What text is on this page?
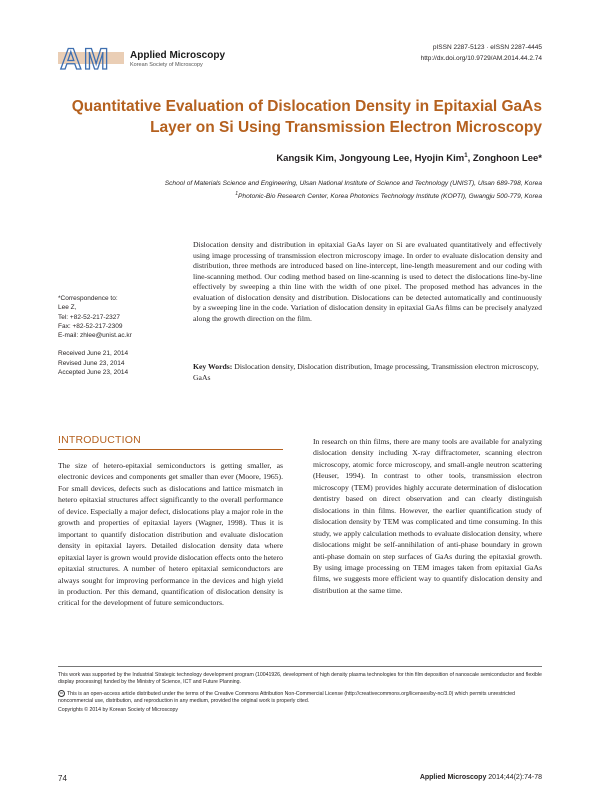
AM Applied Microscopy
Korean Society of Microscopy
pISSN 2287-5123 · eISSN 2287-4445
http://dx.doi.org/10.9729/AM.2014.44.2.74
Quantitative Evaluation of Dislocation Density in Epitaxial GaAs Layer on Si Using Transmission Electron Microscopy
Kangsik Kim, Jongyoung Lee, Hyojin Kim$^1$, Zonghoon Lee*
School of Materials Science and Engineering, Ulsan National Institute of Science and Technology (UNIST), Ulsan 689-798, Korea
$^1$Photonic-Bio Research Center, Korea Photonics Technology Institute (KOPTI), Gwangju 500-779, Korea
Dislocation density and distribution in epitaxial GaAs layer on Si are evaluated quantitatively and effectively using image processing of transmission electron microscopy image. In order to evaluate dislocation density and distribution, three methods are introduced based on line-intercept, line-length measurement and our coding with line-scanning method. Our coding method based on line-scanning is used to detect the dislocations line-by-line effectively by sweeping a thin line with the width of one pixel. The proposed method has advances in the evaluation of dislocation density and distribution. Dislocations can be detected automatically and continuously by a sweeping line in the code. Variation of dislocation density in epitaxial GaAs films can be precisely analyzed along the growth direction on the film.
Key Words: Dislocation density, Dislocation distribution, Image processing, Transmission electron microscopy, GaAs
*Correspondence to:
Lee Z,
Tel: +82-52-217-2327
Fax: +82-52-217-2309
E-mail: zhlee@unist.ac.kr
Received June 21, 2014
Revised June 23, 2014
Accepted June 23, 2014
INTRODUCTION
The size of hetero-epitaxial semiconductors is getting smaller, as electronic devices and components get smaller than ever (Moore, 1965). For small devices, defects such as dislocations and lattice mismatch in hetero epitaxial structures affect significantly to the overall performance of device. Especially a major defect, dislocations play a major role in the growth and properties of epitaxial layers (Wagner, 1998). Thus it is important to quantify dislocation distribution and evaluate dislocation density in epitaxial layers. Detailed dislocation density data where epitaxial layer is grown would provide dislocation effects onto the hetero epitaxial structures. A number of hetero epitaxial semiconductors are always sought for improving performance in the devices and high yield in production. Per this demand, quantification of dislocation density is critical for the development of future semiconductors.
In research on thin films, there are many tools are available for analyzing dislocation density including X-ray diffractometer, scanning electron microscopy, atomic force microscopy, and small-angle neutron scattering (Heuser, 1994). In contrast to other tools, transmission electron microscopy (TEM) provides highly accurate determination of dislocation dentistry based on direct observation and can clearly distinguish dislocations in thin films. However, the earlier quantification study of dislocation density by TEM was complicated and time consuming. In this study, we apply calculation methods to evaluate dislocation density, where dislocations might be self-annihilation of anti-phase boundary in grown anti-phase domain on step surfaces of GaAs during the epitaxial growth. By using image processing on TEM images taken from epitaxial GaAs films, we suggests more efficient way to quantify dislocation density and distribution at the same time.
This work was supported by the Industrial Strategic technology development program (10041926, development of high density plasma technologies for thin film deposition of nanoscale semiconductor and flexible display processing) funded by the Ministry of Science, ICT and Future Planning.
cc This is an open-access article distributed under the terms of the Creative Commons Attribution Non-Commercial License (http://creativecommons.org/licenses/by-nc/3.0) which permits unrestricted noncommercial use, distribution, and reproduction in any medium, provided the original work is properly cited.
Copyrights © 2014 by Korean Society of Microscopy
74	Applied Microscopy 2014;44(2):74-78
